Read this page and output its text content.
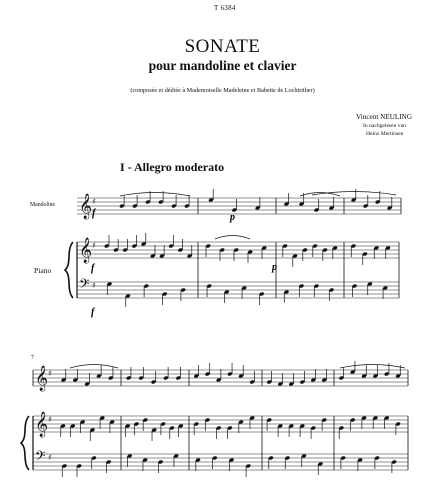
T 6384
SONATE
pour mandoline et clavier
(composée et dédiée à Mademoiselle Madeleine et Babette de Lochtrither)
Vincent NEULING
In nachgelesen van
Heinz Mertinsen
I - Allegro moderato
Mandoline
Piano
7
𝄞
𝄞
𝄢
𝄞
𝄞
𝄢
♯
♯
♯
♯
♯
♯
f	p
f	p
f
